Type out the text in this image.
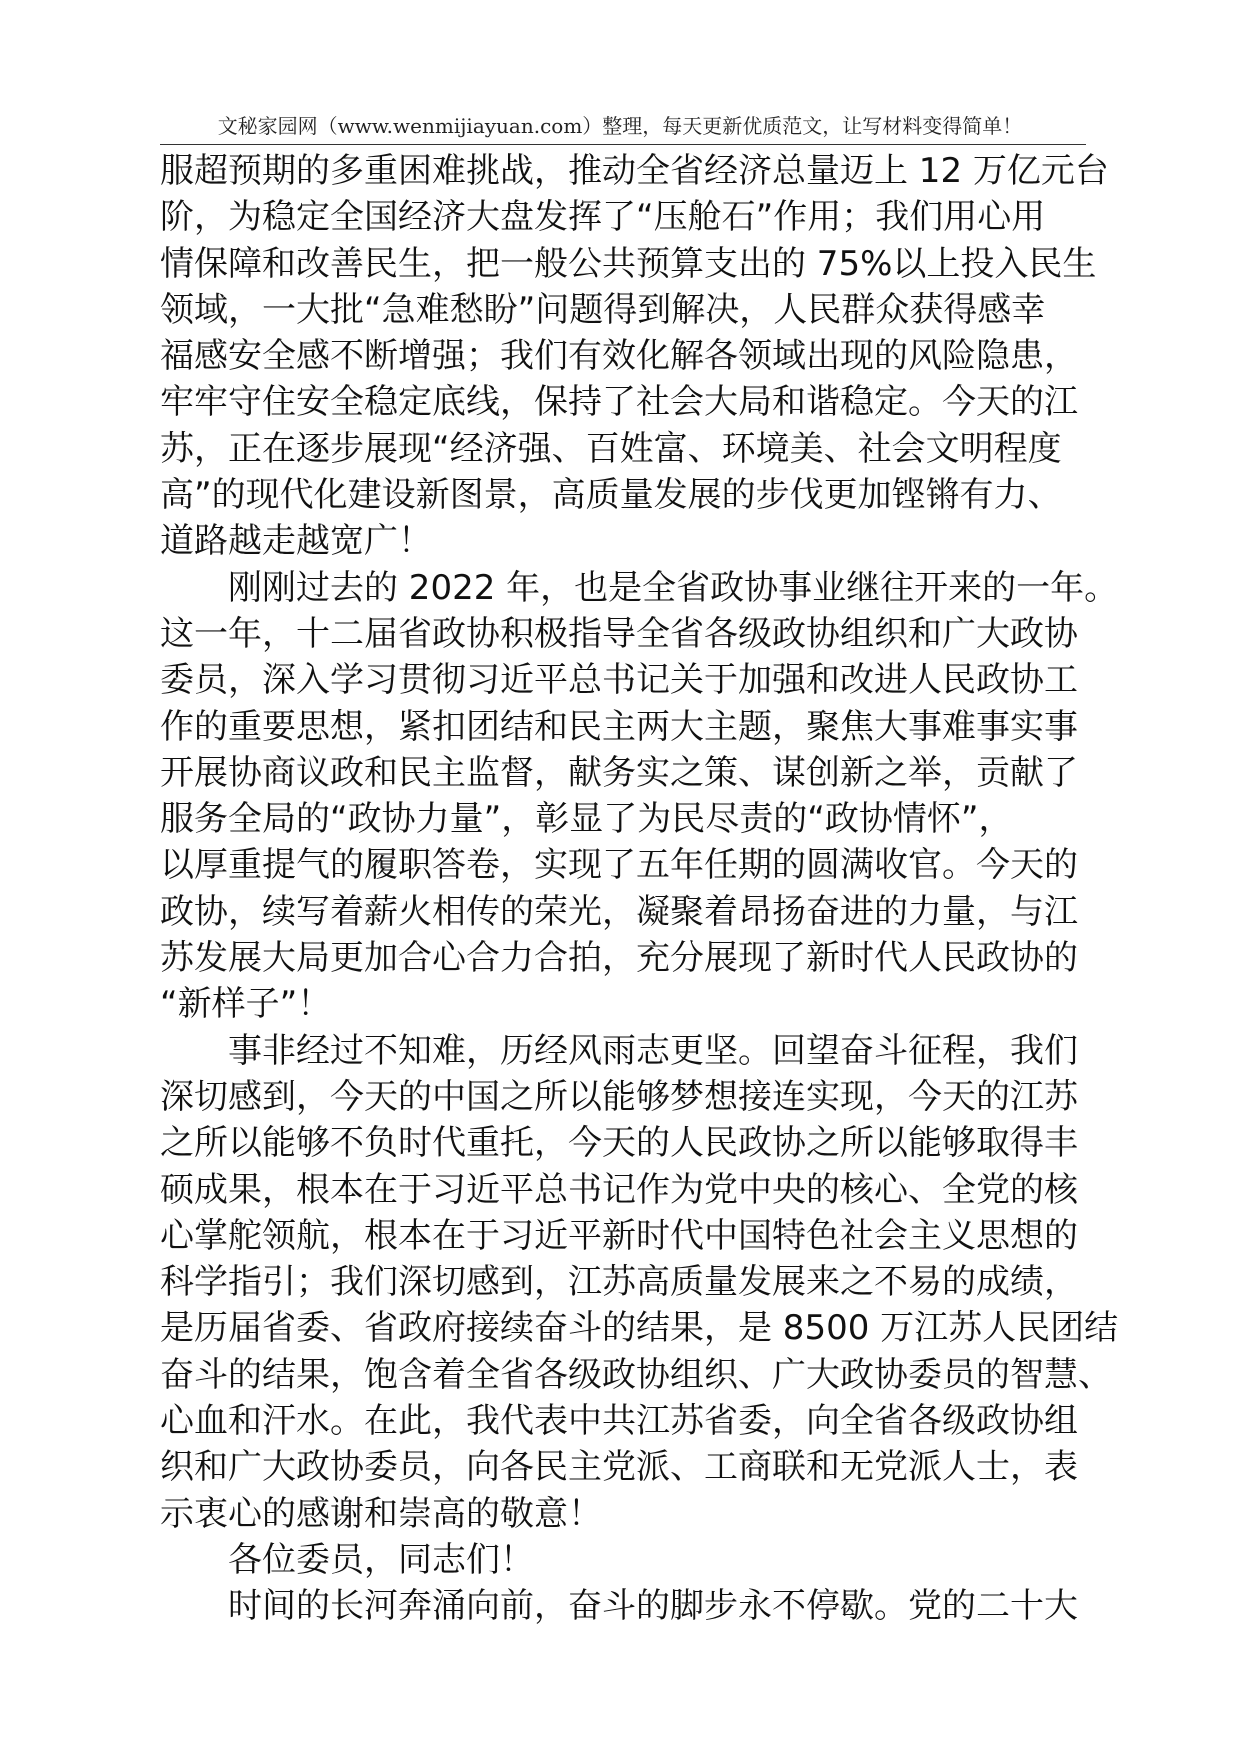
文秘家园网（www.wenmijiayuan.com）整理，每天更新优质范文，让写材料变得简单！
服超预期的多重困难挑战，推动全省经济总量迈上 12 万亿元台
阶，为稳定全国经济大盘发挥了“压舱石”作用；我们用心用
情保障和改善民生，把一般公共预算支出的 75%以上投入民生
领域，一大批“急难愁盼”问题得到解决，人民群众获得感幸
福感安全感不断增强；我们有效化解各领域出现的风险隐患，
牢牢守住安全稳定底线，保持了社会大局和谐稳定。今天的江
苏，正在逐步展现“经济强、百姓富、环境美、社会文明程度
高”的现代化建设新图景，高质量发展的步伐更加铿锵有力、
道路越走越宽广！
刚刚过去的 2022 年，也是全省政协事业继往开来的一年。
这一年，十二届省政协积极指导全省各级政协组织和广大政协
委员，深入学习贯彻习近平总书记关于加强和改进人民政协工
作的重要思想，紧扣团结和民主两大主题，聚焦大事难事实事
开展协商议政和民主监督，献务实之策、谋创新之举，贡献了
服务全局的“政协力量”，彰显了为民尽责的“政协情怀”，
以厚重提气的履职答卷，实现了五年任期的圆满收官。今天的
政协，续写着薪火相传的荣光，凝聚着昂扬奋进的力量，与江
苏发展大局更加合心合力合拍，充分展现了新时代人民政协的
“新样子”！
事非经过不知难，历经风雨志更坚。回望奋斗征程，我们
深切感到，今天的中国之所以能够梦想接连实现，今天的江苏
之所以能够不负时代重托，今天的人民政协之所以能够取得丰
硕成果，根本在于习近平总书记作为党中央的核心、全党的核
心掌舵领航，根本在于习近平新时代中国特色社会主义思想的
科学指引；我们深切感到，江苏高质量发展来之不易的成绩，
是历届省委、省政府接续奋斗的结果，是 8500 万江苏人民团结
奋斗的结果，饱含着全省各级政协组织、广大政协委员的智慧、
心血和汗水。在此，我代表中共江苏省委，向全省各级政协组
织和广大政协委员，向各民主党派、工商联和无党派人士，表
示衷心的感谢和崇高的敬意！
各位委员，同志们！
时间的长河奔涌向前，奋斗的脚步永不停歇。党的二十大
